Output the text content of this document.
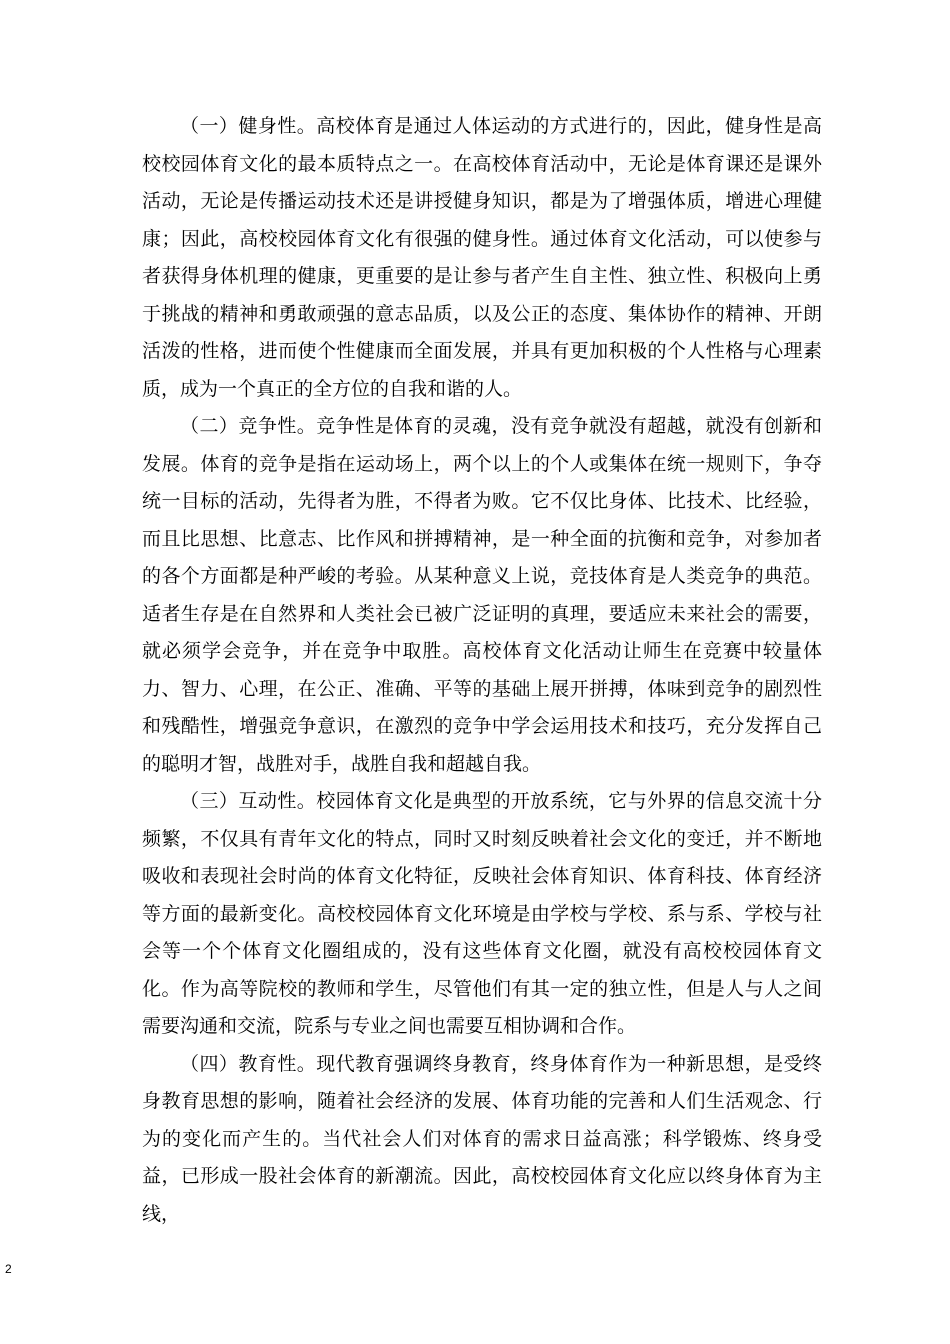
（一）健身性。高校体育是通过人体运动的方式进行的，因此，健身性是高校校园体育文化的最本质特点之一。在高校体育活动中，无论是体育课还是课外活动，无论是传播运动技术还是讲授健身知识，都是为了增强体质，增进心理健康；因此，高校校园体育文化有很强的健身性。通过体育文化活动，可以使参与者获得身体机理的健康，更重要的是让参与者产生自主性、独立性、积极向上勇于挑战的精神和勇敢顽强的意志品质，以及公正的态度、集体协作的精神、开朗活泼的性格，进而使个性健康而全面发展，并具有更加积极的个人性格与心理素质，成为一个真正的全方位的自我和谐的人。

（二）竞争性。竞争性是体育的灵魂，没有竞争就没有超越，就没有创新和发展。体育的竞争是指在运动场上，两个以上的个人或集体在统一规则下，争夺统一目标的活动，先得者为胜，不得者为败。它不仅比身体、比技术、比经验，而且比思想、比意志、比作风和拼搏精神，是一种全面的抗衡和竞争，对参加者的各个方面都是种严峻的考验。从某种意义上说，竞技体育是人类竞争的典范。适者生存是在自然界和人类社会已被广泛证明的真理，要适应未来社会的需要，就必须学会竞争，并在竞争中取胜。高校体育文化活动让师生在竞赛中较量体力、智力、心理，在公正、准确、平等的基础上展开拼搏，体味到竞争的剧烈性和残酷性，增强竞争意识，在激烈的竞争中学会运用技术和技巧，充分发挥自己的聪明才智，战胜对手，战胜自我和超越自我。

（三）互动性。校园体育文化是典型的开放系统，它与外界的信息交流十分频繁，不仅具有青年文化的特点，同时又时刻反映着社会文化的变迁，并不断地吸收和表现社会时尚的体育文化特征，反映社会体育知识、体育科技、体育经济等方面的最新变化。高校校园体育文化环境是由学校与学校、系与系、学校与社会等一个个体育文化圈组成的，没有这些体育文化圈，就没有高校校园体育文化。作为高等院校的教师和学生，尽管他们有其一定的独立性，但是人与人之间需要沟通和交流，院系与专业之间也需要互相协调和合作。

（四）教育性。现代教育强调终身教育，终身体育作为一种新思想，是受终身教育思想的影响，随着社会经济的发展、体育功能的完善和人们生活观念、行为的变化而产生的。当代社会人们对体育的需求日益高涨；科学锻炼、终身受益，已形成一股社会体育的新潮流。因此，高校校园体育文化应以终身体育为主线，

2
